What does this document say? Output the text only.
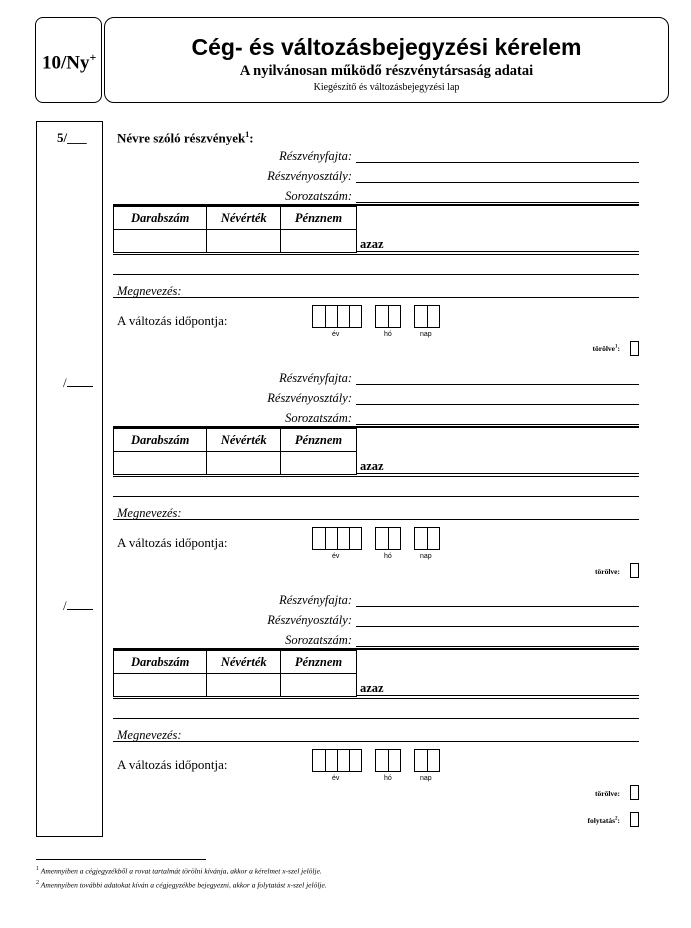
10/Ny+	Cég- és változásbejegyzési kérelem
A nyilvánosan működő részvénytársaság adatai
Kiegészítő és változásbejegyzési lap
5/___
/
/
Névre szóló részvények$^1$:
Részvényfajta:
Részvényosztály:
Sorozatszám:
Darabszám	Névérték	Pénznem

azaz
Megnevezés:
A változás időpontja:
év	hó	nap
törölve$^1$:
Részvényfajta:
Részvényosztály:
Sorozatszám:
Darabszám	Névérték	Pénznem

azaz
Megnevezés:
A változás időpontja:
év	hó	nap
törölve:
Részvényfajta:
Részvényosztály:
Sorozatszám:
Darabszám	Névérték	Pénznem

azaz
Megnevezés:
A változás időpontja:
év	hó	nap
törölve:
folytatás$^2$:
$^1$ Amennyiben a cégjegyzékből a rovat tartalmát törölni kívánja, akkor a kérelmet x-szel jelölje.
$^2$ Amennyiben további adatokat kíván a cégjegyzékbe bejegyezni, akkor a folytatást x-szel jelölje.
